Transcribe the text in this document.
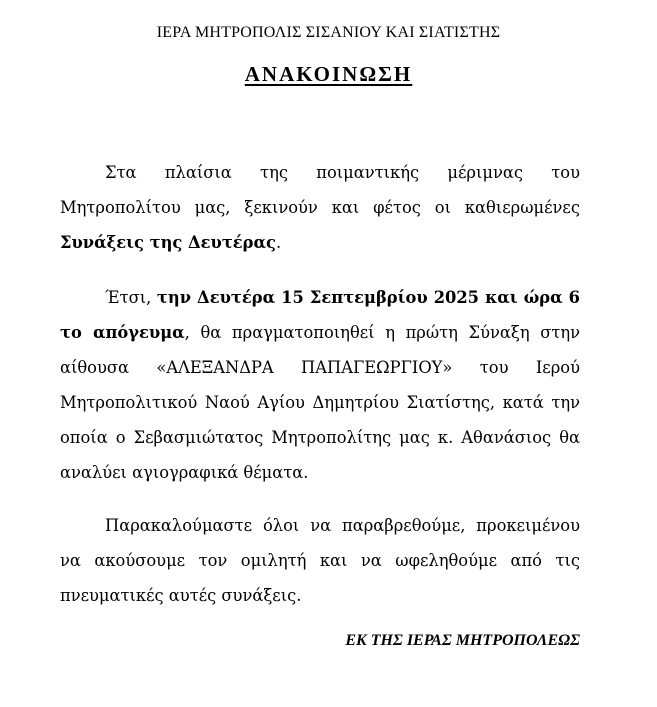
ΙΕΡΑ ΜΗΤΡΟΠΟΛΙΣ ΣΙΣΑΝΙΟΥ ΚΑΙ ΣΙΑΤΙΣΤΗΣ
ΑΝΑΚΟΙΝΩΣΗ

Στα πλαίσια της ποιμαντικής μέριμνας του Μητροπολίτου μας, ξεκινούν και φέτος οι καθιερωμένες Συνάξεις της Δευτέρας.

Έτσι, την Δευτέρα 15 Σεπτεμβρίου 2025 και ώρα 6 το απόγευμα, θα πραγματοποιηθεί η πρώτη Σύναξη στην αίθουσα «ΑΛΕΞΑΝΔΡΑ ΠΑΠΑΓΕΩΡΓΙΟΥ» του Ιερού Μητροπολιτικού Ναού Αγίου Δημητρίου Σιατίστης, κατά την οποία ο Σεβασμιώτατος Μητροπολίτης μας κ. Αθανάσιος θα αναλύει αγιογραφικά θέματα.

Παρακαλούμαστε όλοι να παραβρεθούμε, προκειμένου να ακούσουμε τον ομιλητή και να ωφεληθούμε από τις πνευματικές αυτές συνάξεις.

ΕΚ ΤΗΣ ΙΕΡΑΣ ΜΗΤΡΟΠΟΛΕΩΣ
